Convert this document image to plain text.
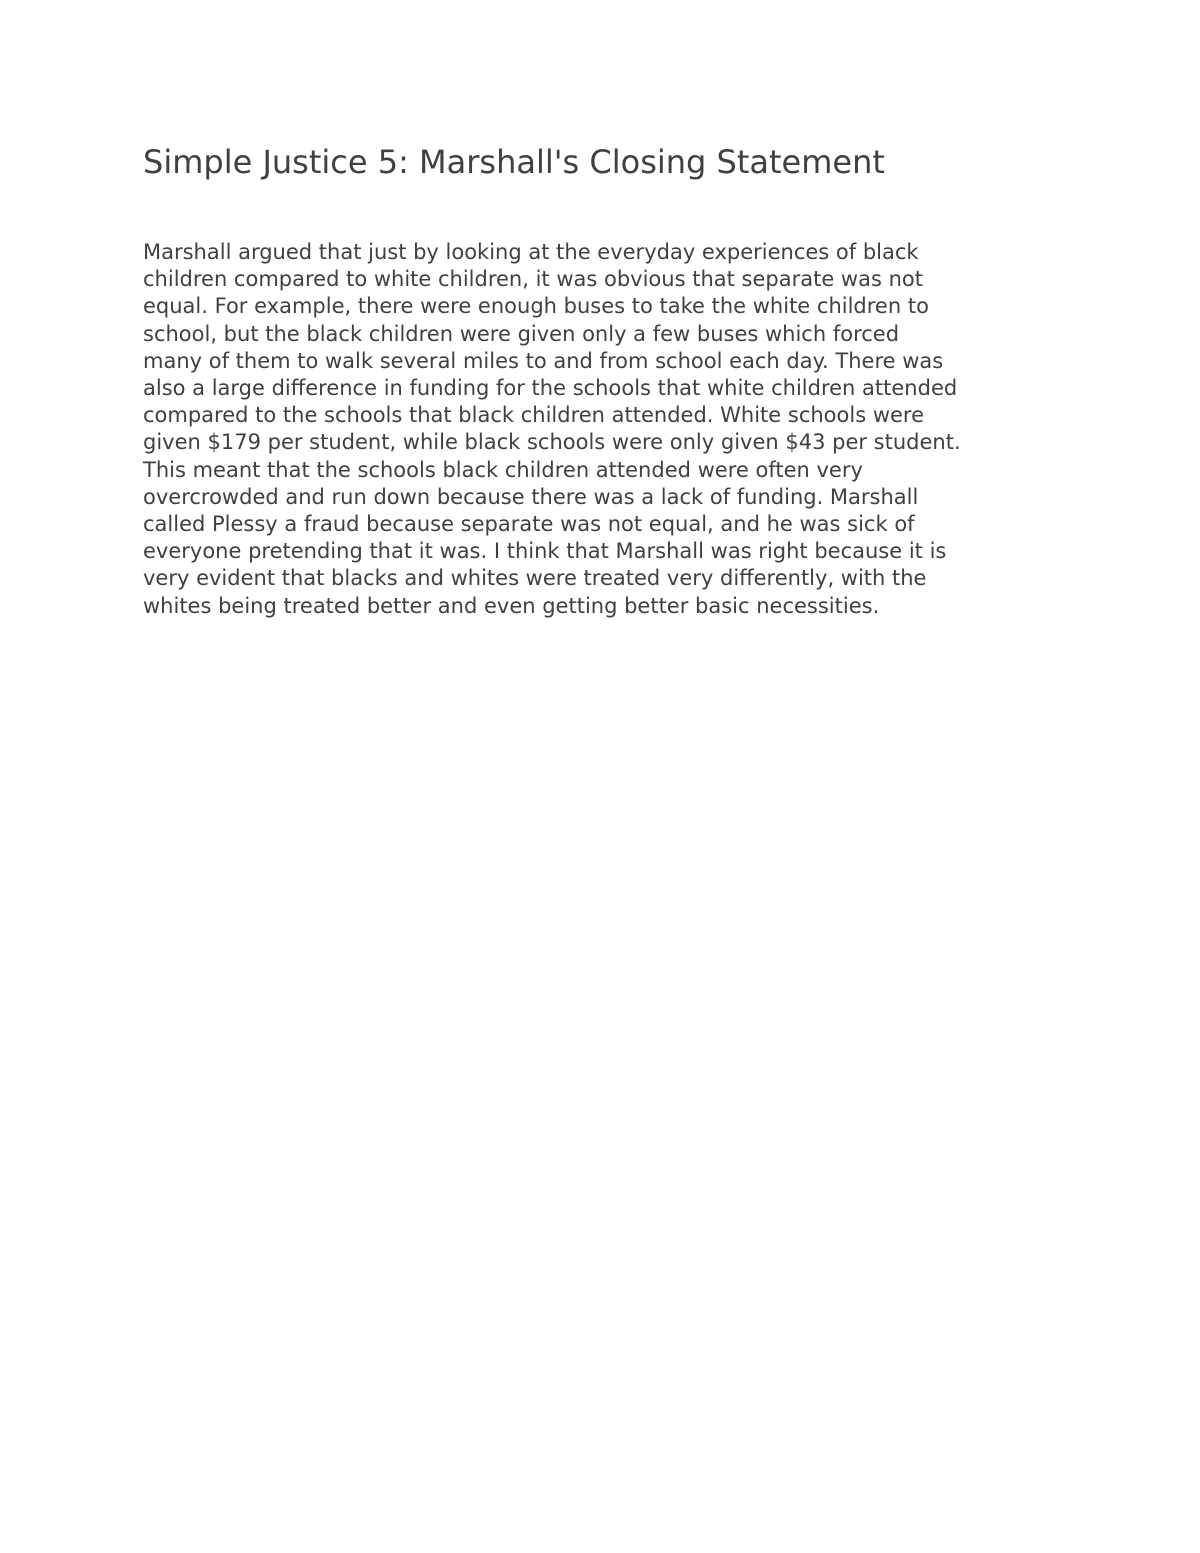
Simple Justice 5: Marshall's Closing Statement
Marshall argued that just by looking at the everyday experiences of black
children compared to white children, it was obvious that separate was not
equal. For example, there were enough buses to take the white children to
school, but the black children were given only a few buses which forced
many of them to walk several miles to and from school each day. There was
also a large difference in funding for the schools that white children attended
compared to the schools that black children attended. White schools were
given $179 per student, while black schools were only given $43 per student.
This meant that the schools black children attended were often very
overcrowded and run down because there was a lack of funding. Marshall
called Plessy a fraud because separate was not equal, and he was sick of
everyone pretending that it was. I think that Marshall was right because it is
very evident that blacks and whites were treated very differently, with the
whites being treated better and even getting better basic necessities.
